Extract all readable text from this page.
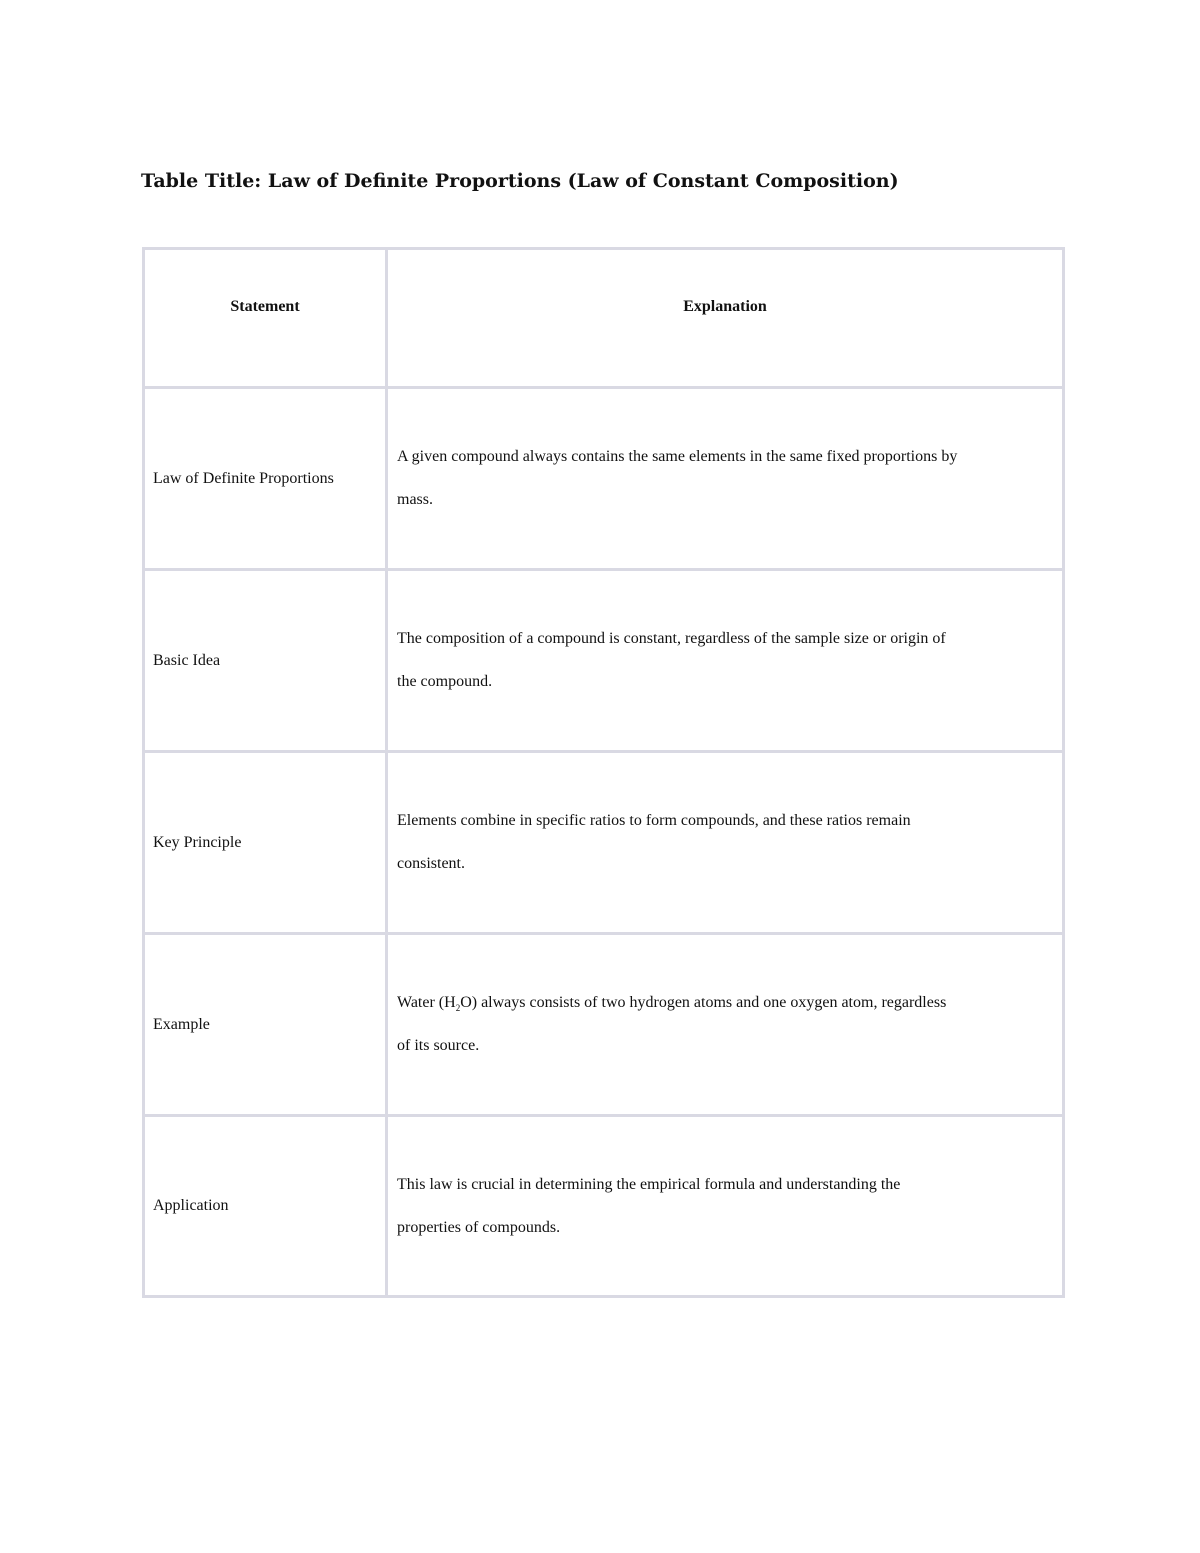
Table Title: Law of Definite Proportions (Law of Constant Composition)
Statement	Explanation
Law of Definite Proportions	A given compound always contains the same elements in the same fixed proportions by
mass.

Basic Idea	The composition of a compound is constant, regardless of the sample size or origin of
the compound.

Key Principle	Elements combine in specific ratios to form compounds, and these ratios remain
consistent.

Example	Water $(H_2O)$ always consists of two hydrogen atoms and one oxygen atom, regardless
of its source.

Application	This law is crucial in determining the empirical formula and understanding the
properties of compounds.
